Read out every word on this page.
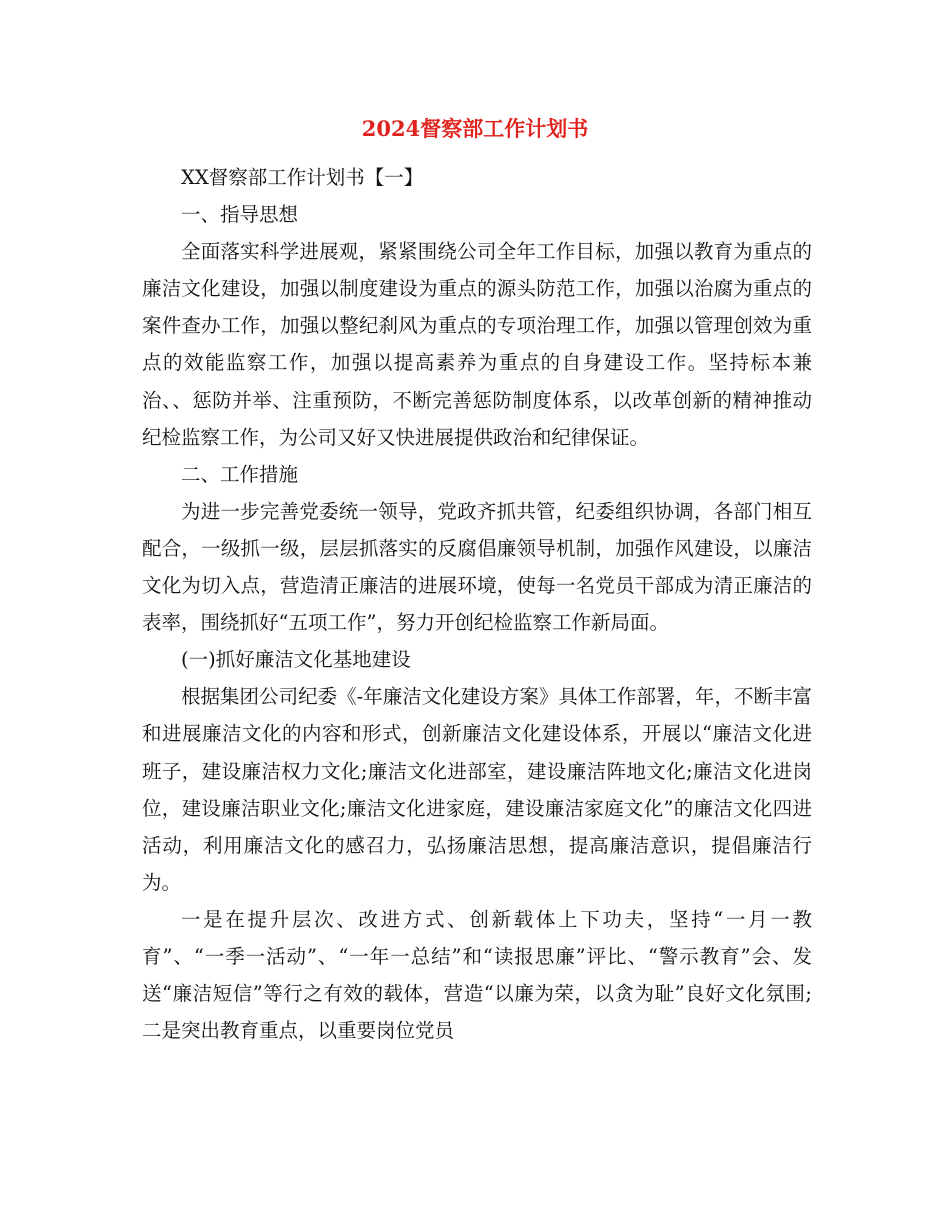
2024督察部工作计划书

XX督察部工作计划书【一】

一、指导思想

全面落实科学进展观，紧紧围绕公司全年工作目标，加强以教育为重点的廉洁文化建设，加强以制度建设为重点的源头防范工作，加强以治腐为重点的案件查办工作，加强以整纪刹风为重点的专项治理工作，加强以管理创效为重点的效能监察工作，加强以提高素养为重点的自身建设工作。坚持标本兼治、、惩防并举、注重预防，不断完善惩防制度体系，以改革创新的精神推动纪检监察工作，为公司又好又快进展提供政治和纪律保证。

二、工作措施

为进一步完善党委统一领导，党政齐抓共管，纪委组织协调，各部门相互配合，一级抓一级，层层抓落实的反腐倡廉领导机制，加强作风建设，以廉洁文化为切入点，营造清正廉洁的进展环境，使每一名党员干部成为清正廉洁的表率，围绕抓好“五项工作”，努力开创纪检监察工作新局面。

(一)抓好廉洁文化基地建设

根据集团公司纪委《-年廉洁文化建设方案》具体工作部署，年，不断丰富和进展廉洁文化的内容和形式，创新廉洁文化建设体系，开展以“廉洁文化进班子，建设廉洁权力文化;廉洁文化进部室，建设廉洁阵地文化;廉洁文化进岗位，建设廉洁职业文化;廉洁文化进家庭，建设廉洁家庭文化”的廉洁文化四进活动，利用廉洁文化的感召力，弘扬廉洁思想，提高廉洁意识，提倡廉洁行为。

一是在提升层次、改进方式、创新载体上下功夫，坚持“一月一教育”、“一季一活动”、“一年一总结”和“读报思廉”评比、“警示教育”会、发送“廉洁短信”等行之有效的载体，营造“以廉为荣，以贪为耻”良好文化氛围;二是突出教育重点，以重要岗位党员
